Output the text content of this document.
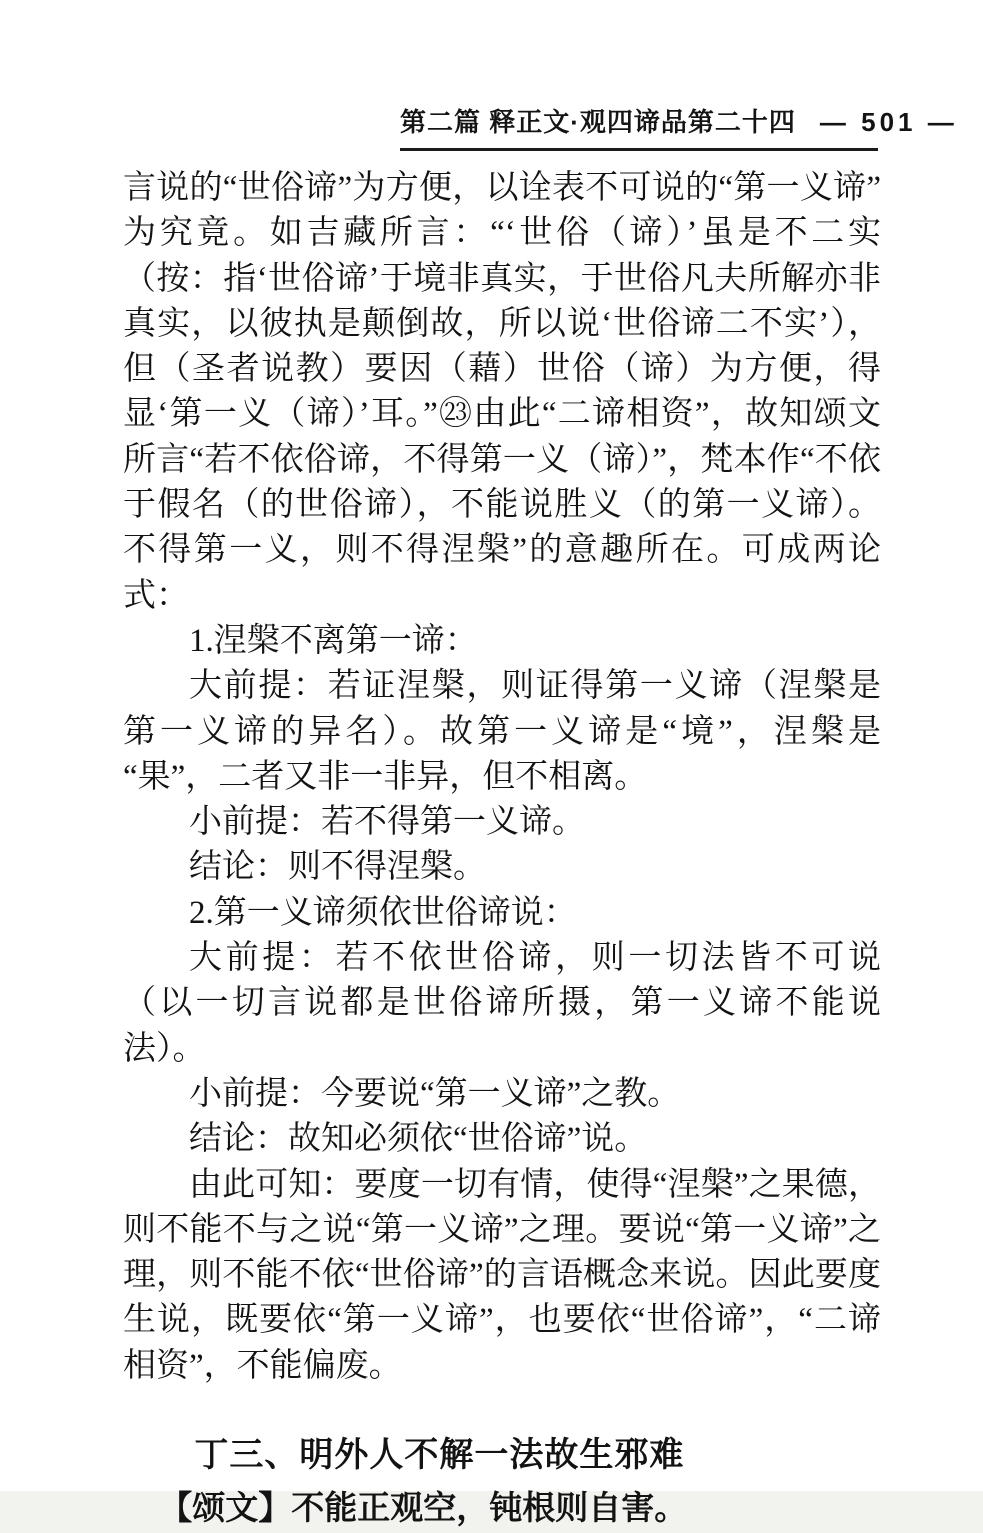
第二篇 释正文·观四谛品第二十四 — 501 —

言说的“世俗谛”为方便，以诠表不可说的“第一义谛”为究竟。如吉藏所言：“‘世俗（谛）’虽是不二实（按：指‘世俗谛’于境非真实，于世俗凡夫所解亦非真实，以彼执是颠倒故，所以说‘世俗谛二不实’），但（圣者说教）要因（藉）世俗（谛）为方便，得显‘第一义（谛）’耳。”㉓由此“二谛相资”，故知颂文所言“若不依俗谛，不得第一义（谛）”，梵本作“不依于假名（的世俗谛），不能说胜义（的第一义谛）。不得第一义，则不得涅槃”的意趣所在。可成两论式：

1.涅槃不离第一谛：

大前提：若证涅槃，则证得第一义谛（涅槃是第一义谛的异名）。故第一义谛是“境”，涅槃是“果”，二者又非一非异，但不相离。

小前提：若不得第一义谛。

结论：则不得涅槃。

2.第一义谛须依世俗谛说：

大前提：若不依世俗谛，则一切法皆不可说（以一切言说都是世俗谛所摄，第一义谛不能说法）。

小前提：今要说“第一义谛”之教。

结论：故知必须依“世俗谛”说。

由此可知：要度一切有情，使得“涅槃”之果德，则不能不与之说“第一义谛”之理。要说“第一义谛”之理，则不能不依“世俗谛”的言语概念来说。因此要度生说，既要依“第一义谛”，也要依“世俗谛”，“二谛相资”，不能偏废。

丁三、明外人不解一法故生邪难

【颂文】不能正观空，钝根则自害。
